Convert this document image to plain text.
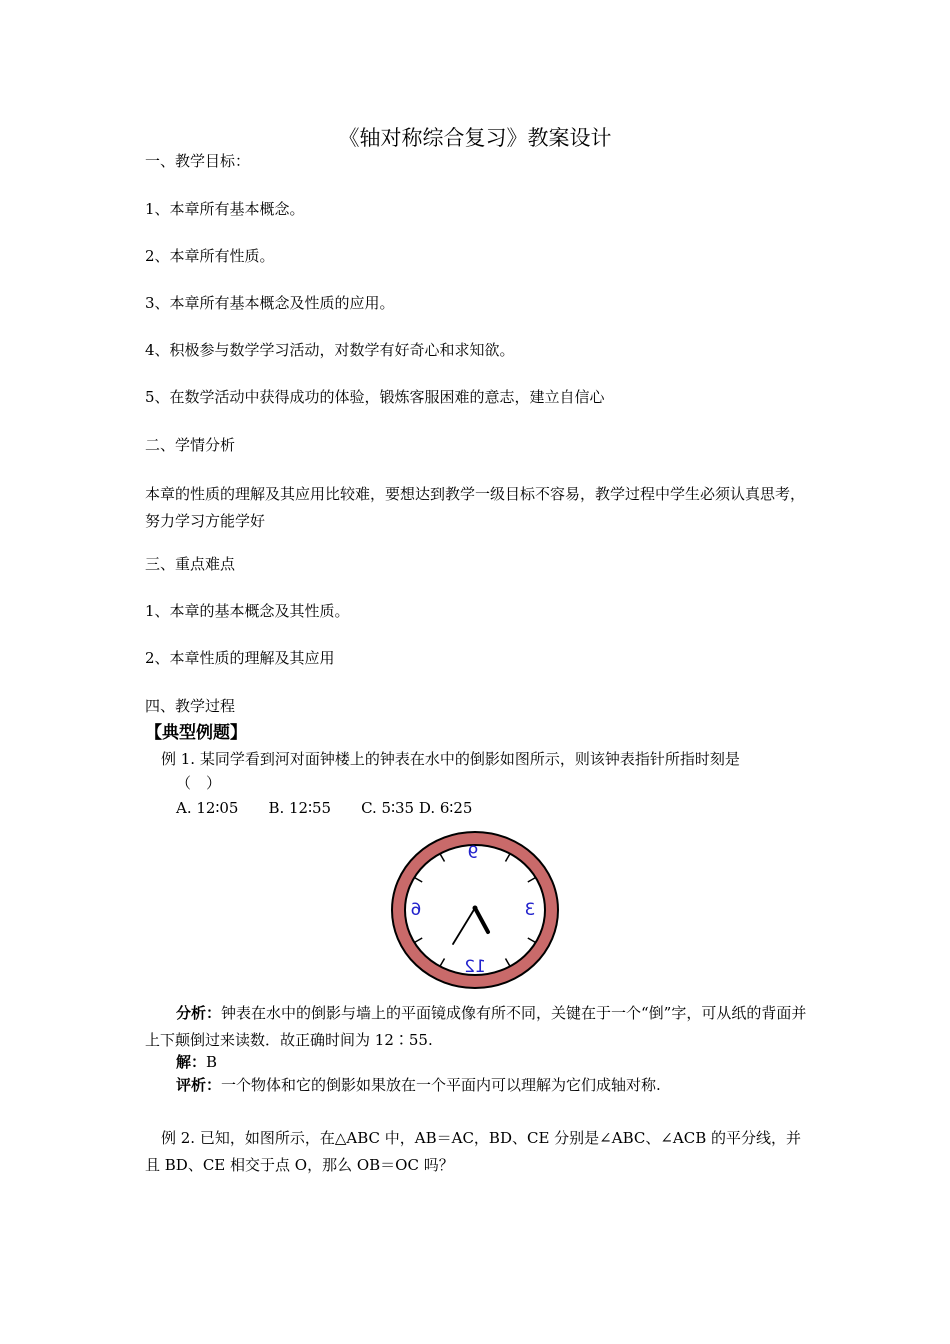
《轴对称综合复习》教案设计
一、教学目标：
1、本章所有基本概念。
2、本章所有性质。
3、本章所有基本概念及性质的应用。
4、积极参与数学学习活动，对数学有好奇心和求知欲。
5、在数学活动中获得成功的体验，锻炼客服困难的意志，建立自信心
二、学情分析
本章的性质的理解及其应用比较难，要想达到教学一级目标不容易，教学过程中学生必须认真思考，努力学习方能学好
三、重点难点
1、本章的基本概念及其性质。
2、本章性质的理解及其应用
四、教学过程
【典型例题】
例 1. 某同学看到河对面钟楼上的钟表在水中的倒影如图所示，则该钟表指针所指时刻是
（　）
A. 12∶05　　B. 12∶55　　C. 5∶35 D. 6∶25
9
6	3
12
分析： 钟表在水中的倒影与墙上的平面镜成像有所不同，关键在于一个“倒”字，可从纸的背面并上下颠倒过来读数．故正确时间为 12∶55.
解：B
评析：一个物体和它的倒影如果放在一个平面内可以理解为它们成轴对称.
例 2. 已知，如图所示，在△ABC 中，AB＝AC，BD、CE 分别是∠ABC、∠ACB 的平分线，并且 BD、CE 相交于点 O，那么 OB＝OC 吗？
